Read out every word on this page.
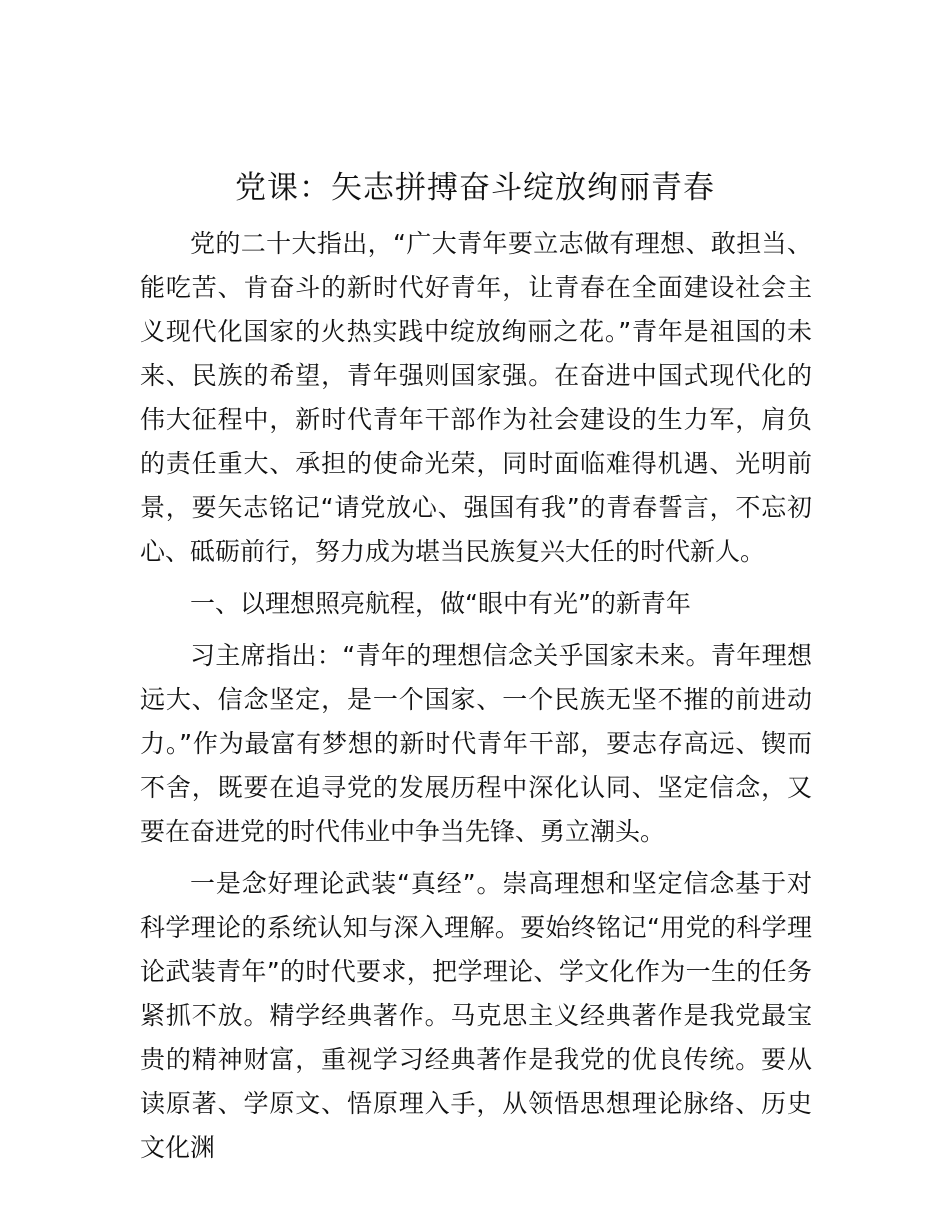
党课：矢志拼搏奋斗绽放绚丽青春

党的二十大指出，“广大青年要立志做有理想、敢担当、能吃苦、肯奋斗的新时代好青年，让青春在全面建设社会主义现代化国家的火热实践中绽放绚丽之花。”青年是祖国的未来、民族的希望，青年强则国家强。在奋进中国式现代化的伟大征程中，新时代青年干部作为社会建设的生力军，肩负的责任重大、承担的使命光荣，同时面临难得机遇、光明前景，要矢志铭记“请党放心、强国有我”的青春誓言，不忘初心、砥砺前行，努力成为堪当民族复兴大任的时代新人。

一、以理想照亮航程，做“眼中有光”的新青年

习主席指出：“青年的理想信念关乎国家未来。青年理想远大、信念坚定，是一个国家、一个民族无坚不摧的前进动力。”作为最富有梦想的新时代青年干部，要志存高远、锲而不舍，既要在追寻党的发展历程中深化认同、坚定信念，又要在奋进党的时代伟业中争当先锋、勇立潮头。

一是念好理论武装“真经”。崇高理想和坚定信念基于对科学理论的系统认知与深入理解。要始终铭记“用党的科学理论武装青年”的时代要求，把学理论、学文化作为一生的任务紧抓不放。精学经典著作。马克思主义经典著作是我党最宝贵的精神财富，重视学习经典著作是我党的优良传统。要从读原著、学原文、悟原理入手，从领悟思想理论脉络、历史文化渊
